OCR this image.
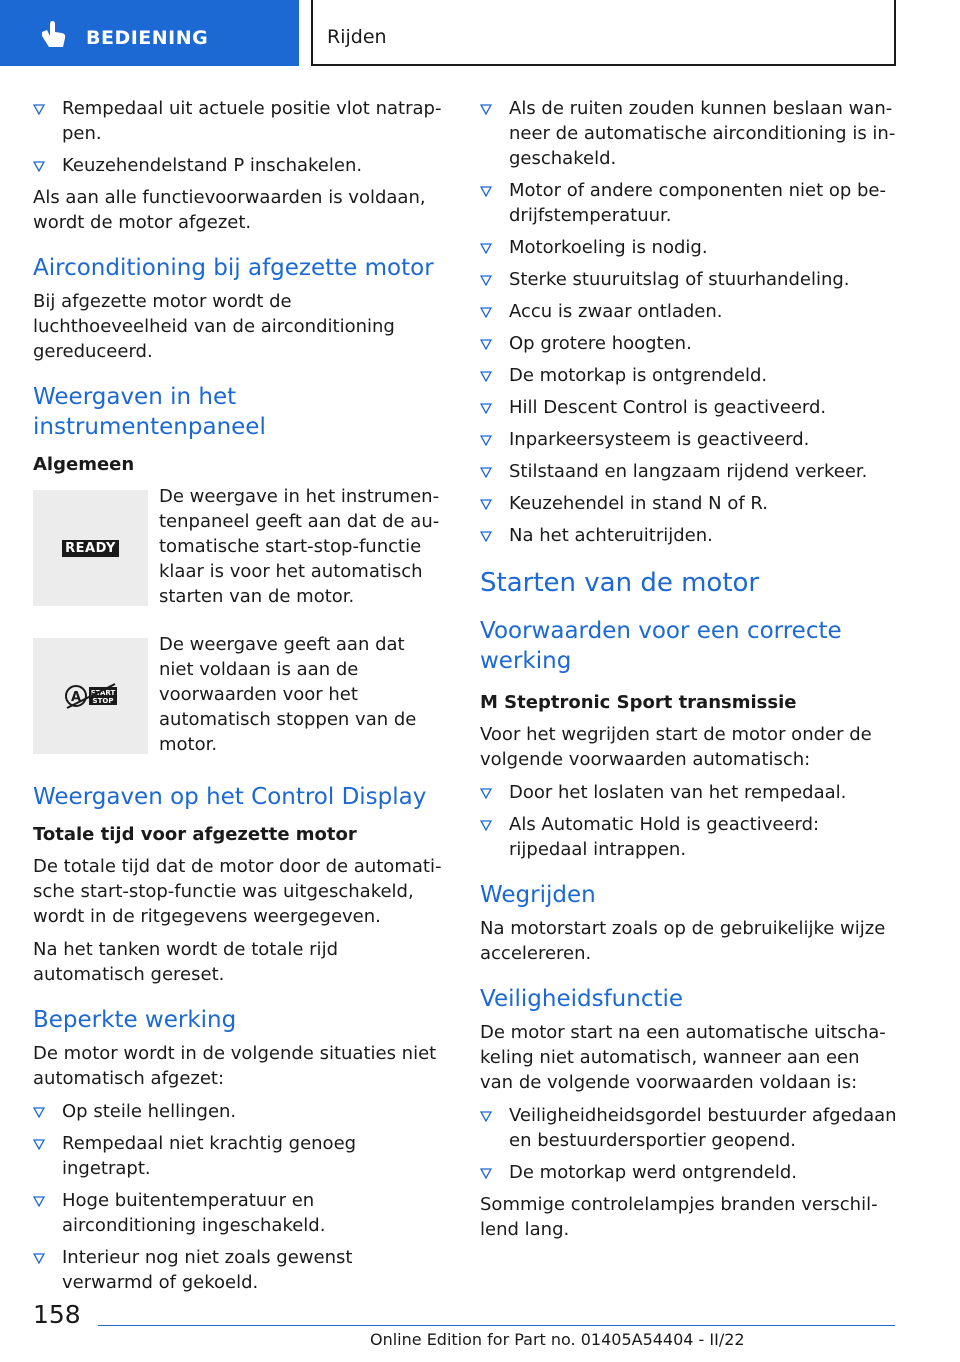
BEDIENING	Rijden
Rempedaal uit actuele positie vlot natrap-pen.
Keuzehendelstand P inschakelen.

Als aan alle functievoorwaarden is voldaan, wordt de motor afgezet.

Airconditioning bij afgezette motor

Bij afgezette motor wordt de luchthoeveelheid van de airconditioning gereduceerd.

Weergaven in het instrumentenpaneel
Algemeen
READY
De weergave in het instrumen-tenpaneel geeft aan dat de au-tomatische start-stop-functie klaar is voor het automatisch starten van de motor.
A START
STOP
De weergave geeft aan dat niet voldaan is aan de voorwaarden voor het automatisch stoppen van de motor.
Weergaven op het Control Display
Totale tijd voor afgezette motor

De totale tijd dat de motor door de automati-sche start-stop-functie was uitgeschakeld, wordt in de ritgegevens weergegeven.

Na het tanken wordt de totale rijd automatisch gereset.

Beperkte werking

De motor wordt in de volgende situaties niet automatisch afgezet:

Op steile hellingen.
Rempedaal niet krachtig genoeg ingetrapt.
Hoge buitentemperatuur en airconditioning ingeschakeld.
Interieur nog niet zoals gewenst verwarmd of gekoeld.
Als de ruiten zouden kunnen beslaan wan-neer de automatische airconditioning is in-geschakeld.
Motor of andere componenten niet op be-drijfstemperatuur.
Motorkoeling is nodig.
Sterke stuuruitslag of stuurhandeling.
Accu is zwaar ontladen.
Op grotere hoogten.
De motorkap is ontgrendeld.
Hill Descent Control is geactiveerd.
Inparkeersysteem is geactiveerd.
Stilstaand en langzaam rijdend verkeer.
Keuzehendel in stand N of R.
Na het achteruitrijden.
Starten van de motor
Voorwaarden voor een correcte werking
M Steptronic Sport transmissie

Voor het wegrijden start de motor onder de volgende voorwaarden automatisch:

Door het loslaten van het rempedaal.
Als Automatic Hold is geactiveerd: rijpedaal intrappen.
Wegrijden

Na motorstart zoals op de gebruikelijke wijze accelereren.

Veiligheidsfunctie

De motor start na een automatische uitscha-keling niet automatisch, wanneer aan een van de volgende voorwaarden voldaan is:

Veiligheidheidsgordel bestuurder afgedaan en bestuurdersportier geopend.
De motorkap werd ontgrendeld.

Sommige controlelampjes branden verschil-lend lang.

158
Online Edition for Part no. 01405A54404 - II/22
